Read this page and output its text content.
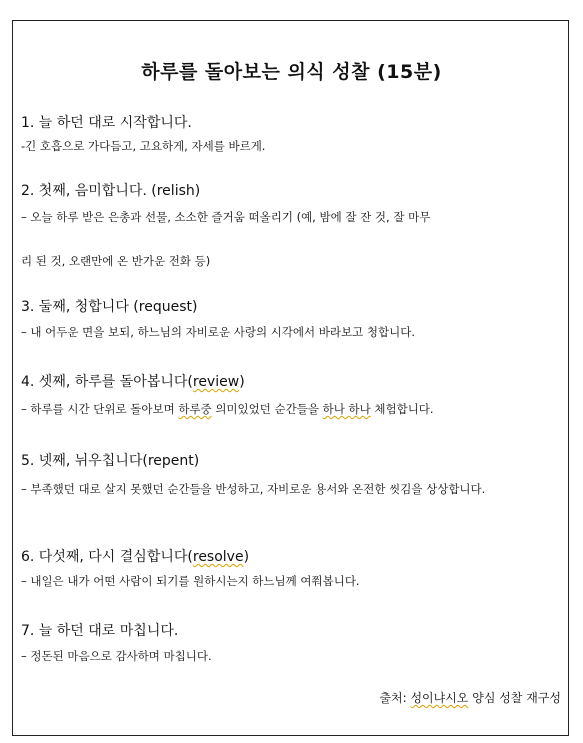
하루를 돌아보는 의식 성찰 (15분)

1. 늘 하던 대로 시작합니다.

-긴 호흡으로 가다듬고, 고요하게, 자세를 바르게.

2. 첫째, 음미합니다. (relish)

– 오늘 하루 받은 은총과 선물, 소소한 즐거움 떠올리기 (예, 밤에 잘 잔 것, 잘 마무

리 된 것, 오랜만에 온 반가운 전화 등)

3. 둘째, 청합니다 (request)

– 내 어두운 면을 보되, 하느님의 자비로운 사랑의 시각에서 바라보고 청합니다.

4. 셋째, 하루를 돌아봅니다(review)

– 하루를 시간 단위로 돌아보며 하루중 의미있었던 순간들을 하나 하나 체험합니다.

5. 넷째, 뉘우칩니다(repent)

– 부족했던 대로 살지 못했던 순간들을 반성하고, 자비로운 용서와 온전한 씻김을 상상합니다.

6. 다섯째, 다시 결심합니다(resolve)

– 내일은 내가 어떤 사람이 되기를 원하시는지 하느님께 여쭤봅니다.

7. 늘 하던 대로 마칩니다.

– 정돈된 마음으로 감사하며 마칩니다.

출처: 성이냐시오 양심 성찰 재구성
